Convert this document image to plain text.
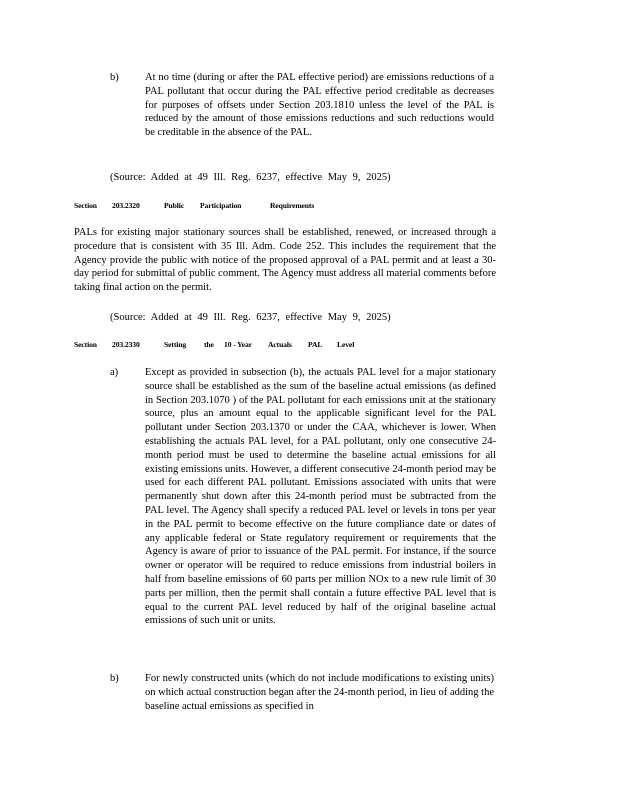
b)	At no time (during or after the PAL effective period) are emissions reductions of a PAL pollutant that occur during the PAL effective period creditable as decreases for purposes of offsets under Section 203.1810 unless the level of the PAL is reduced by the amount of those emissions reductions and such reductions would be creditable in the absence of the PAL.

(Source: Added at 49 Ill. Reg. 6237, effective May 9, 2025)
Section 203.2320	Public Participation	Requirements

PALs for existing major stationary sources shall be established, renewed, or increased through a procedure that is consistent with 35 Ill. Adm. Code 252. This includes the requirement that the Agency provide the public with notice of the proposed approval of a PAL permit and at least a 30-day period for submittal of public comment. The Agency must address all material comments before taking final action on the permit.

(Source: Added at 49 Ill. Reg. 6237, effective May 9, 2025)
Section 203.2330	Setting the 10 - Year Actuals PAL Level
a)	Except as provided in subsection (b), the actuals PAL level for a major stationary source shall be established as the sum of the baseline actual emissions (as defined in Section 203.1070 ) of the PAL pollutant for each emissions unit at the stationary source, plus an amount equal to the applicable significant level for the PAL pollutant under Section 203.1370 or under the CAA, whichever is lower. When establishing the actuals PAL level, for a PAL pollutant, only one consecutive 24-month period must be used to determine the baseline actual emissions for all existing emissions units. However, a different consecutive 24-month period may be used for each different PAL pollutant. Emissions associated with units that were permanently shut down after this 24-month period must be subtracted from the PAL level. The Agency shall specify a reduced PAL level or levels in tons per year in the PAL permit to become effective on the future compliance date or dates of any applicable federal or State regulatory requirement or requirements that the Agency is aware of prior to issuance of the PAL permit. For instance, if the source owner or operator will be required to reduce emissions from industrial boilers in half from baseline emissions of 60 parts per million NOx to a new rule limit of 30 parts per million, then the permit shall contain a future effective PAL level that is equal to the current PAL level reduced by half of the original baseline actual emissions of such unit or units.

b)	For newly constructed units (which do not include modifications to existing units) on which actual construction began after the 24-month period, in lieu of adding the baseline actual emissions as specified in
